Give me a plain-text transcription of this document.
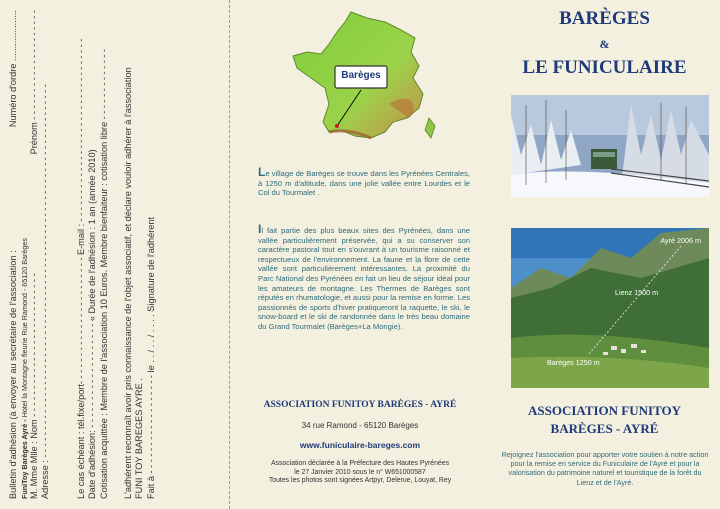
Bulletin d'adhésion (à envoyer au secrétaire de l'association :
Numéro d'ordre ....................
FuniToy Barèges Ayré - Hotel la Montagne fleurie Rue Ramond - 65120 Barèges M. Mme Mlle : Nom - - - - - - - - - - - - - - - - - - - - - - - - - -
Prénom - - - - - - - - - - - - - - - - - - - -
Adresse : - - - - - - - - - - - - - - - - - - - - - - - - - - - - - - - - - - - - - - - - - - - - - - - - - - - - - - - - - - - - - - - - - - -	Le cas échéant : tél.fixe/port- - - - - - - - - - - - - - - - - - - - - - - E-mail : - - - - - - - - - - - - - - - - - - - - - - - - - - - - - - - - - Date d'adhésion: - - - - - - - - - - - - - - - - - - - « Durée de l'adhésion : 1 an (année 2010) Cotisation acquittée : Membre de l'association 10 Euros. Membre bienfaiteur : cotisation libre - - - - - - - - - - - - - L'adhérent reconnaît avoir pris connaissance de l'objet associatif, et déclare vouloir adhérer à l'association FUNI TOY BAREGES AYRE . Fait à - - - - - - - - - - - - - - - - - - le . . / . . / . . . . Signature de l'adhérent
Barèges
Le village de Barèges se trouve dans les Pyrénées Centrales, à 1250 m d'altitude, dans une jolie vallée entre Lourdes et le Col du Tourmalet .
Il fait partie des plus beaux sites des Pyrénées, dans une vallée particulièrement préservée, qui a su conserver son caractère pastoral tout en s'ouvrant à un tourisme raisonné et respectueux de l'environnement. La faune et la flore de cette vallée sont particulièrement intéressantes. La proximité du Parc National des Pyrénées en fait un lieu de séjour idéal pour les amateurs de montagne. Les Thermes de Barèges sont réputés en rhumatologie, et aussi pour la remise en forme. Les passionnés de sports d'hiver pratiqueront la raquette, le ski, le snow-board et le ski de randonnée dans le très beau domaine du Grand Tourmalet (Barèges+La Mongie).
ASSOCIATION FUNITOY BARÈGES - AYRÉ
34 rue Ramond - 65120 Barèges
www.funiculaire-bareges.com
Association déclarée à la Préfecture des Hautes Pyrénées
le 27 Janvier 2010 sous le n° W651000587
Toutes les photos sont signées Artpyr, Delerue, Louyat, Rey
BARÈGES
&
LE FUNICULAIRE
Ayré 2006 m
Lienz 1500 m
Barèges 1250 m
ASSOCIATION FUNITOY
BARÈGES - AYRÉ
Rejoignez l'association pour apporter votre soutien à notre action pour la remise en service du Funiculaire de l'Ayré et pour la valorisation du patrimoine naturel et touristique de la forêt du Lienz et de l'Ayré.
